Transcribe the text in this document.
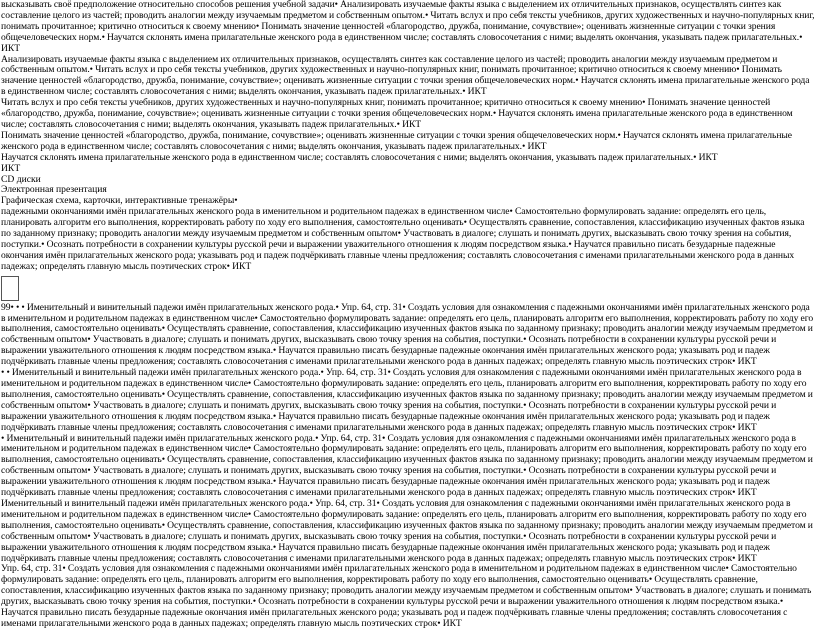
высказывать своё предположение относительно способов решения учебной задачи• Анализировать изучаемые факты языка с выделением их отличительных признаков, осуществлять синтез как составление целого из частей; проводить аналогии между изучаемым предметом и собственным опытом.• Читать вслух и про себя тексты учебников, других художественных и научно-популярных книг, понимать прочитанное; критично относиться к своему мнению• Понимать значение ценностей «благородство, дружба, понимание, сочувствие»; оценивать жизненные ситуации с точки зрения общечеловеческих норм.• Научатся склонять имена прилагательные женского рода в единственном числе; составлять словосочетания с ними; выделять окончания, указывать падеж прилагательных.• ИКТ

Анализировать изучаемые факты языка с выделением их отличительных признаков, осуществлять синтез как составление целого из частей; проводить аналогии между изучаемым предметом и собственным опытом.• Читать вслух и про себя тексты учебников, других художественных и научно-популярных книг, понимать прочитанное; критично относиться к своему мнению• Понимать значение ценностей «благородство, дружба, понимание, сочувствие»; оценивать жизненные ситуации с точки зрения общечеловеческих норм.• Научатся склонять имена прилагательные женского рода в единственном числе; составлять словосочетания с ними; выделять окончания, указывать падеж прилагательных.• ИКТ

Читать вслух и про себя тексты учебников, других художественных и научно-популярных книг, понимать прочитанное; критично относиться к своему мнению• Понимать значение ценностей «благородство, дружба, понимание, сочувствие»; оценивать жизненные ситуации с точки зрения общечеловеческих норм.• Научатся склонять имена прилагательные женского рода в единственном числе; составлять словосочетания с ними; выделять окончания, указывать падеж прилагательных.• ИКТ

Понимать значение ценностей «благородство, дружба, понимание, сочувствие»; оценивать жизненные ситуации с точки зрения общечеловеческих норм.• Научатся склонять имена прилагательные женского рода в единственном числе; составлять словосочетания с ними; выделять окончания, указывать падеж прилагательных.• ИКТ

Научатся склонять имена прилагательные женского рода в единственном числе; составлять словосочетания с ними; выделять окончания, указывать падеж прилагательных.• ИКТ

ИКТ

CD диски

Электронная презентация

Графическая схема, карточки, интерактивные тренажёры•

падежными окончаниями имён прилагательных женского рода в именительном и родительном падежах в единственном числе• Самостоятельно формулировать задание: определять его цель, планировать алгоритм его выполнения, корректировать работу по ходу его выполнения, самостоятельно оценивать• Осуществлять сравнение, сопоставления, классификацию изученных фактов языка по заданному признаку; проводить аналогии между изучаемым предметом и собственным опытом• Участвовать в диалоге; слушать и понимать других, высказывать свою точку зрения на события, поступки.• Осознать потребности в сохранении культуры русской речи и выражении уважительного отношения к людям посредством языка.• Научатся правильно писать безударные падежные окончания имён прилагательных женского рода; указывать род и падеж подчёркивать главные члены предложения; составлять словосочетания с именами прилагательными женского рода в данных падежах; определять главную мысль поэтических строк• ИКТ

99• • • Именительный и винительный падежи имён прилагательных женского рода.• Упр. 64, стр. 31• Создать условия для ознакомления с падежными окончаниями имён прилагательных женского рода в именительном и родительном падежах в единственном числе• Самостоятельно формулировать задание: определять его цель, планировать алгоритм его выполнения, корректировать работу по ходу его выполнения, самостоятельно оценивать• Осуществлять сравнение, сопоставления, классификацию изученных фактов языка по заданному признаку; проводить аналогии между изучаемым предметом и собственным опытом• Участвовать в диалоге; слушать и понимать других, высказывать свою точку зрения на события, поступки.• Осознать потребности в сохранении культуры русской речи и выражении уважительного отношения к людям посредством языка.• Научатся правильно писать безударные падежные окончания имён прилагательных женского рода; указывать род и падеж подчёркивать главные члены предложения; составлять словосочетания с именами прилагательными женского рода в данных падежах; определять главную мысль поэтических строк• ИКТ

• • Именительный и винительный падежи имён прилагательных женского рода.• Упр. 64, стр. 31• Создать условия для ознакомления с падежными окончаниями имён прилагательных женского рода в именительном и родительном падежах в единственном числе• Самостоятельно формулировать задание: определять его цель, планировать алгоритм его выполнения, корректировать работу по ходу его выполнения, самостоятельно оценивать• Осуществлять сравнение, сопоставления, классификацию изученных фактов языка по заданному признаку; проводить аналогии между изучаемым предметом и собственным опытом• Участвовать в диалоге; слушать и понимать других, высказывать свою точку зрения на события, поступки.• Осознать потребности в сохранении культуры русской речи и выражении уважительного отношения к людям посредством языка.• Научатся правильно писать безударные падежные окончания имён прилагательных женского рода; указывать род и падеж подчёркивать главные члены предложения; составлять словосочетания с именами прилагательными женского рода в данных падежах; определять главную мысль поэтических строк• ИКТ

• Именительный и винительный падежи имён прилагательных женского рода.• Упр. 64, стр. 31• Создать условия для ознакомления с падежными окончаниями имён прилагательных женского рода в именительном и родительном падежах в единственном числе• Самостоятельно формулировать задание: определять его цель, планировать алгоритм его выполнения, корректировать работу по ходу его выполнения, самостоятельно оценивать• Осуществлять сравнение, сопоставления, классификацию изученных фактов языка по заданному признаку; проводить аналогии между изучаемым предметом и собственным опытом• Участвовать в диалоге; слушать и понимать других, высказывать свою точку зрения на события, поступки.• Осознать потребности в сохранении культуры русской речи и выражении уважительного отношения к людям посредством языка.• Научатся правильно писать безударные падежные окончания имён прилагательных женского рода; указывать род и падеж подчёркивать главные члены предложения; составлять словосочетания с именами прилагательными женского рода в данных падежах; определять главную мысль поэтических строк• ИКТ

Именительный и винительный падежи имён прилагательных женского рода.• Упр. 64, стр. 31• Создать условия для ознакомления с падежными окончаниями имён прилагательных женского рода в именительном и родительном падежах в единственном числе• Самостоятельно формулировать задание: определять его цель, планировать алгоритм его выполнения, корректировать работу по ходу его выполнения, самостоятельно оценивать• Осуществлять сравнение, сопоставления, классификацию изученных фактов языка по заданному признаку; проводить аналогии между изучаемым предметом и собственным опытом• Участвовать в диалоге; слушать и понимать других, высказывать свою точку зрения на события, поступки.• Осознать потребности в сохранении культуры русской речи и выражении уважительного отношения к людям посредством языка.• Научатся правильно писать безударные падежные окончания имён прилагательных женского рода; указывать род и падеж подчёркивать главные члены предложения; составлять словосочетания с именами прилагательными женского рода в данных падежах; определять главную мысль поэтических строк• ИКТ

Упр. 64, стр. 31• Создать условия для ознакомления с падежными окончаниями имён прилагательных женского рода в именительном и родительном падежах в единственном числе• Самостоятельно формулировать задание: определять его цель, планировать алгоритм его выполнения, корректировать работу по ходу его выполнения, самостоятельно оценивать• Осуществлять сравнение, сопоставления, классификацию изученных фактов языка по заданному признаку; проводить аналогии между изучаемым предметом и собственным опытом• Участвовать в диалоге; слушать и понимать других, высказывать свою точку зрения на события, поступки.• Осознать потребности в сохранении культуры русской речи и выражении уважительного отношения к людям посредством языка.• Научатся правильно писать безударные падежные окончания имён прилагательных женского рода; указывать род и падеж подчёркивать главные члены предложения; составлять словосочетания с именами прилагательными женского рода в данных падежах; определять главную мысль поэтических строк• ИКТ
